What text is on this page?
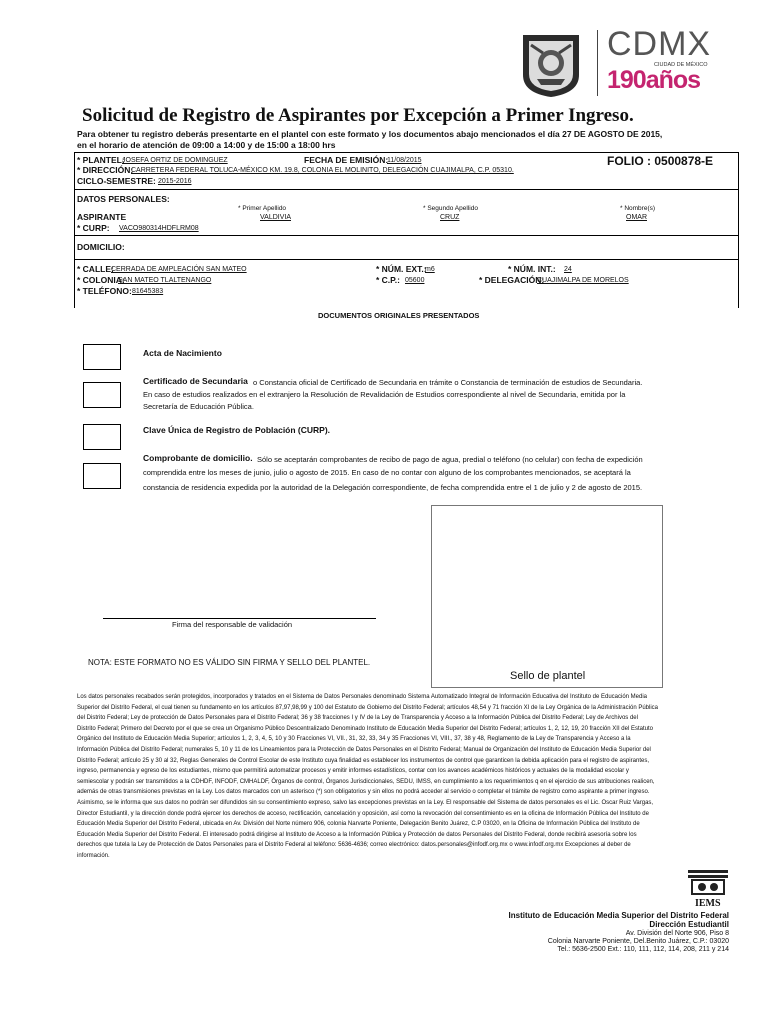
CDMX
CIUDAD DE MÉXICO
190años
Solicitud de Registro de Aspirantes por Excepción a Primer Ingreso.
Para obtener tu registro deberás presentarte en el plantel con este formato y los documentos abajo mencionados el día 27 DE AGOSTO DE 2015,
en el horario de atención de 09:00 a 14:00 y de 15:00 a 18:00 hrs
* PLANTEL:
JOSEFA ORTIZ DE DOMINGUEZ	FECHA DE EMISIÓN:
11/08/2015	FOLIO : 0500878-E
* DIRECCIÓN:
CARRETERA FEDERAL TOLUCA-MÉXICO KM. 19.8, COLONIA EL MOLINITO, DELEGACIÓN CUAJIMALPA, C.P. 05310.
CICLO-SEMESTRE: 2015-2016
DATOS PERSONALES:
* Primer Apellido	* Segundo Apellido	* Nombre(s)
ASPIRANTE	VALDIVIA	CRUZ	OMAR
* CURP: VACO980314HDFLRM08
DOMICILIO:
* CALLE:
CERRADA DE AMPLEACIÓN SAN MATEO	* NÚM. EXT.:
m6	* NÚM. INT.: 24
* COLONIA:
SAN MATEO TLALTENANGO	* C.P.: 05600	* DELEGACIÓN:
CUAJIMALPA DE MORELOS
* TELÉFONO: 81645383
DOCUMENTOS ORIGINALES PRESENTADOS
Acta de Nacimiento
Certificado de Secundaria o Constancia oficial de Certificado de Secundaria en trámite o Constancia de terminación de estudios de Secundaria.
En caso de estudios realizados en el extranjero la Resolución de Revalidación de Estudios correspondiente al nivel de Secundaria, emitida por la
Secretaría de Educación Pública.
Clave Única de Registro de Población (CURP).
Comprobante de domicilio. Sólo se aceptarán comprobantes de recibo de pago de agua, predial o teléfono (no celular) con fecha de expedición
comprendida entre los meses de junio, julio o agosto de 2015. En caso de no contar con alguno de los comprobantes mencionados, se aceptará la
constancia de residencia expedida por la autoridad de la Delegación correspondiente, de fecha comprendida entre el 1 de julio y 2 de agosto de 2015.
Firma del responsable de validación
NOTA: ESTE FORMATO NO ES VÁLIDO SIN FIRMA Y SELLO DEL PLANTEL.
Sello de plantel
Los datos personales recabados serán protegidos, incorporados y tratados en el Sistema de Datos Personales denominado Sistema Automatizado Integral de Información Educativa del Instituto de Educación Media
Superior del Distrito Federal, el cual tienen su fundamento en los artículos 87,97,98,99 y 100 del Estatuto de Gobierno del Distrito Federal; artículos 48,54 y 71 fracción XI de la Ley Orgánica de la Administración Pública
del Distrito Federal; Ley de protección de Datos Personales para el Distrito Federal; 36 y 38 fracciones I y IV de la Ley de Transparencia y Acceso a la Información Pública del Distrito Federal; Ley de Archivos del
Distrito Federal; Primero del Decreto por el que se crea un Organismo Público Descentralizado Denominado Instituto de Educación Media Superior del Distrito Federal; artículos 1, 2, 12, 19, 20 fracción XII del Estatuto
Orgánico del Instituto de Educación Media Superior; artículos 1, 2, 3, 4, 5, 10 y 30 Fracciones VI, VII., 31, 32, 33, 34 y 35 Fracciones VI, VIII., 37, 38 y 48, Reglamento de la Ley de Transparencia y Acceso a la
Información Pública del Distrito Federal; numerales 5, 10 y 11 de los Lineamientos para la Protección de Datos Personales en el Distrito Federal; Manual de Organización del Instituto de Educación Media Superior del
Distrito Federal; artículo 25 y 30 al 32, Reglas Generales de Control Escolar de este Instituto cuya finalidad es establecer los instrumentos de control que garanticen la debida aplicación para el registro de aspirantes,
ingreso, permanencia y egreso de los estudiantes, mismo que permitirá automatizar procesos y emitir informes estadísticos, contar con los avances académicos históricos y actuales de la modalidad escolar y
semiescolar y podrán ser transmitidos a la CDHDF, INFODF, CMHALDF, Órganos de control, Órganos Jurisdiccionales, SEDU, IMSS, en cumplimiento a los requerimientos q en el ejercicio de sus atribuciones realicen,
además de otras transmisiones previstas en la Ley. Los datos marcados con un asterisco (*) son obligatorios y sin ellos no podrá acceder al servicio o completar el trámite de registro como aspirante a primer ingreso.
Asimismo, se le informa que sus datos no podrán ser difundidos sin su consentimiento expreso, salvo las excepciones previstas en la Ley. El responsable del Sistema de datos personales es el Lic. Oscar Ruiz Vargas,
Director Estudiantil, y la dirección donde podrá ejercer los derechos de acceso, rectificación, cancelación y oposición, así como la revocación del consentimiento es en la oficina de Información Pública del Instituto de
Educación Media Superior del Distrito Federal, ubicada en Av. División del Norte número 906, colonia Narvarte Poniente, Delegación Benito Juárez, C.P 03020, en la Oficina de Información Pública del Instituto de
Educación Media Superior del Distrito Federal. El interesado podrá dirigirse al Instituto de Acceso a la Información Pública y Protección de datos Personales del Distrito Federal, donde recibirá asesoría sobre los
derechos que tutela la Ley de Protección de Datos Personales para el Distrito Federal al teléfono: 5636-4636; correo electrónico: datos.personales@infodf.org.mx o www.infodf.org.mx Excepciones al deber de
información.
IEMS
Instituto de Educación Media Superior del Distrito Federal
Dirección Estudiantil
Av. División del Norte 906, Piso 8
Colonia Narvarte Poniente, Del.Benito Juárez, C.P.: 03020
Tel.: 5636-2500 Ext.: 110, 111, 112, 114, 208, 211 y 214
